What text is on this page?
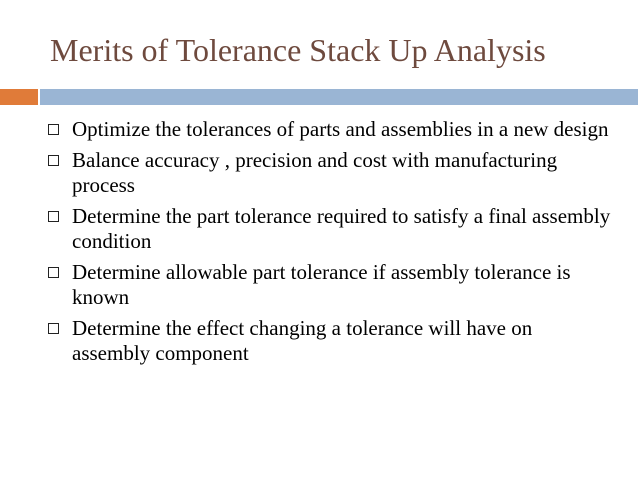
Merits of Tolerance Stack Up Analysis
Optimize the tolerances of parts and assemblies in a new design
Balance accuracy , precision and cost with manufacturing process
Determine the part tolerance required to satisfy a final assembly condition
Determine allowable part tolerance if assembly tolerance is known
Determine the effect changing a tolerance will have on assembly component
